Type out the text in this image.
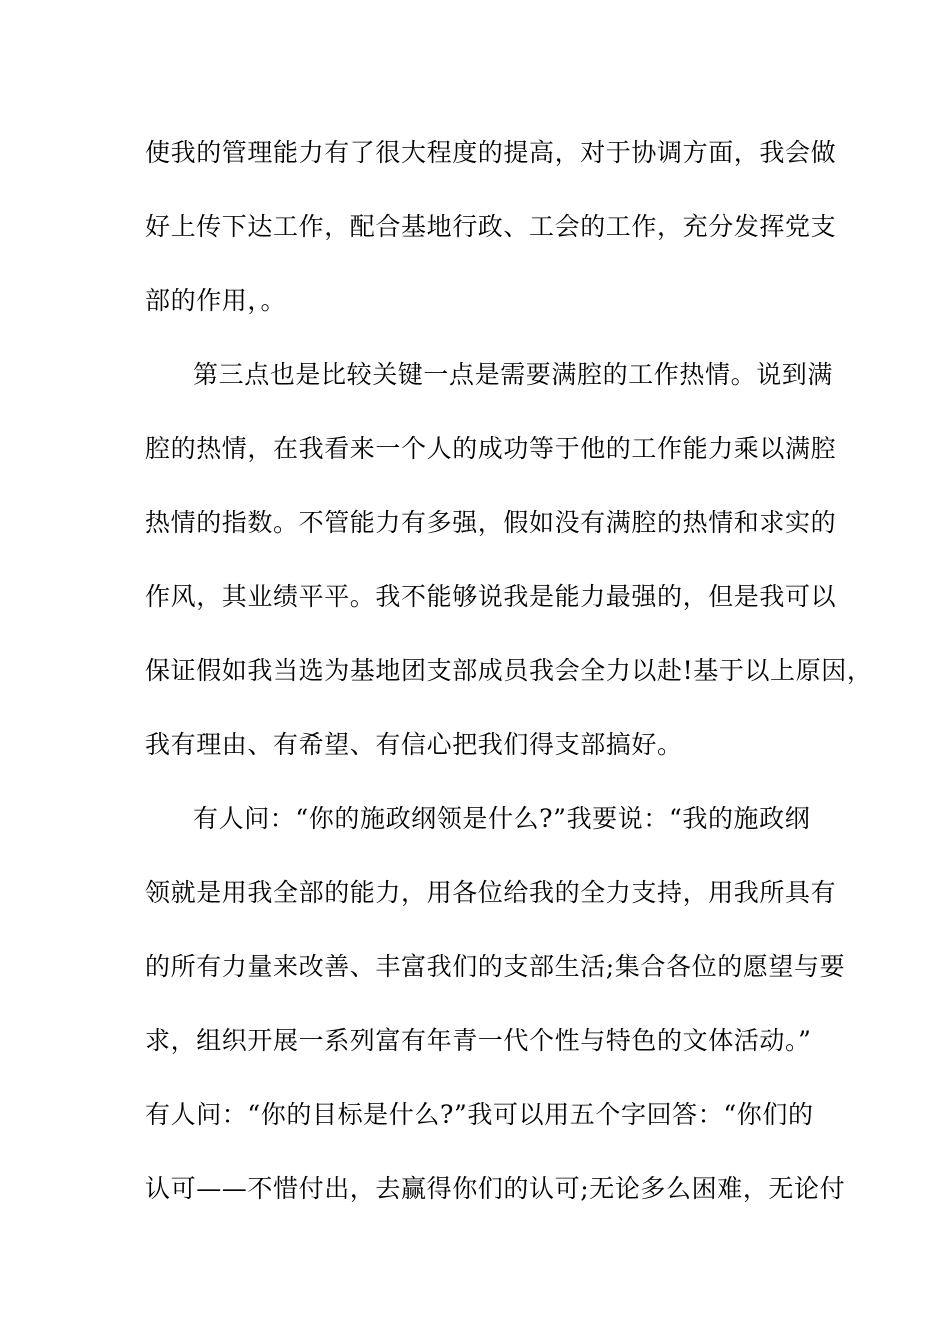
使我的管理能力有了很大程度的提高，对于协调方面，我会做
好上传下达工作，配合基地行政、工会的工作，充分发挥党支
部的作用，。
第三点也是比较关键一点是需要满腔的工作热情。说到满
腔的热情，在我看来一个人的成功等于他的工作能力乘以满腔
热情的指数。不管能力有多强，假如没有满腔的热情和求实的
作风，其业绩平平。我不能够说我是能力最强的，但是我可以
保证假如我当选为基地团支部成员我会全力以赴!基于以上原因，
我有理由、有希望、有信心把我们得支部搞好。
有人问：“你的施政纲领是什么?”我要说：“我的施政纲
领就是用我全部的能力，用各位给我的全力支持，用我所具有
的所有力量来改善、丰富我们的支部生活;集合各位的愿望与要
求，组织开展一系列富有年青一代个性与特色的文体活动。”
有人问：“你的目标是什么?”我可以用五个字回答：“你们的
认可——不惜付出，去赢得你们的认可;无论多么困难，无论付
